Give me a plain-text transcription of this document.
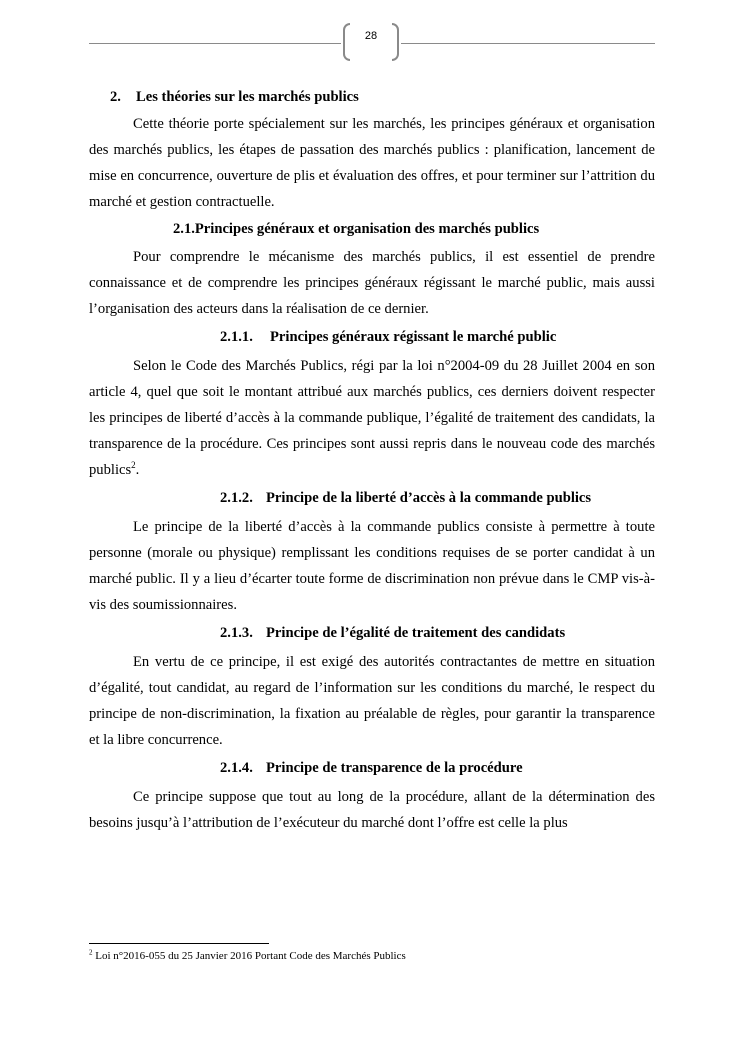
28
2. Les théories sur les marchés publics

Cette théorie porte spécialement sur les marchés, les principes généraux et organisation des marchés publics, les étapes de passation des marchés publics : planification, lancement de mise en concurrence, ouverture de plis et évaluation des offres, et pour terminer sur l’attrition du marché et gestion contractuelle.

2.1.Principes généraux et organisation des marchés publics

Pour comprendre le mécanisme des marchés publics, il est essentiel de prendre connaissance et de comprendre les principes généraux régissant le marché public, mais aussi l’organisation des acteurs dans la réalisation de ce dernier.

2.1.1. Principes généraux régissant le marché public

Selon le Code des Marchés Publics, régi par la loi n°2004-09 du 28 Juillet 2004 en son article 4, quel que soit le montant attribué aux marchés publics, ces derniers doivent respecter les principes de liberté d’accès à la commande publique, l’égalité de traitement des candidats, la transparence de la procédure. Ces principes sont aussi repris dans le nouveau code des marchés publics$^2$.

2.1.2. Principe de la liberté d’accès à la commande publics

Le principe de la liberté d’accès à la commande publics consiste à permettre à toute personne (morale ou physique) remplissant les conditions requises de se porter candidat à un marché public. Il y a lieu d’écarter toute forme de discrimination non prévue dans le CMP vis-à-vis des soumissionnaires.

2.1.3. Principe de l’égalité de traitement des candidats

En vertu de ce principe, il est exigé des autorités contractantes de mettre en situation d’égalité, tout candidat, au regard de l’information sur les conditions du marché, le respect du principe de non-discrimination, la fixation au préalable de règles, pour garantir la transparence et la libre concurrence.

2.1.4. Principe de transparence de la procédure

Ce principe suppose que tout au long de la procédure, allant de la détermination des besoins jusqu’à l’attribution de l’exécuteur du marché dont l’offre est celle la plus

$^2$ Loi n°2016-055 du 25 Janvier 2016 Portant Code des Marchés Publics
